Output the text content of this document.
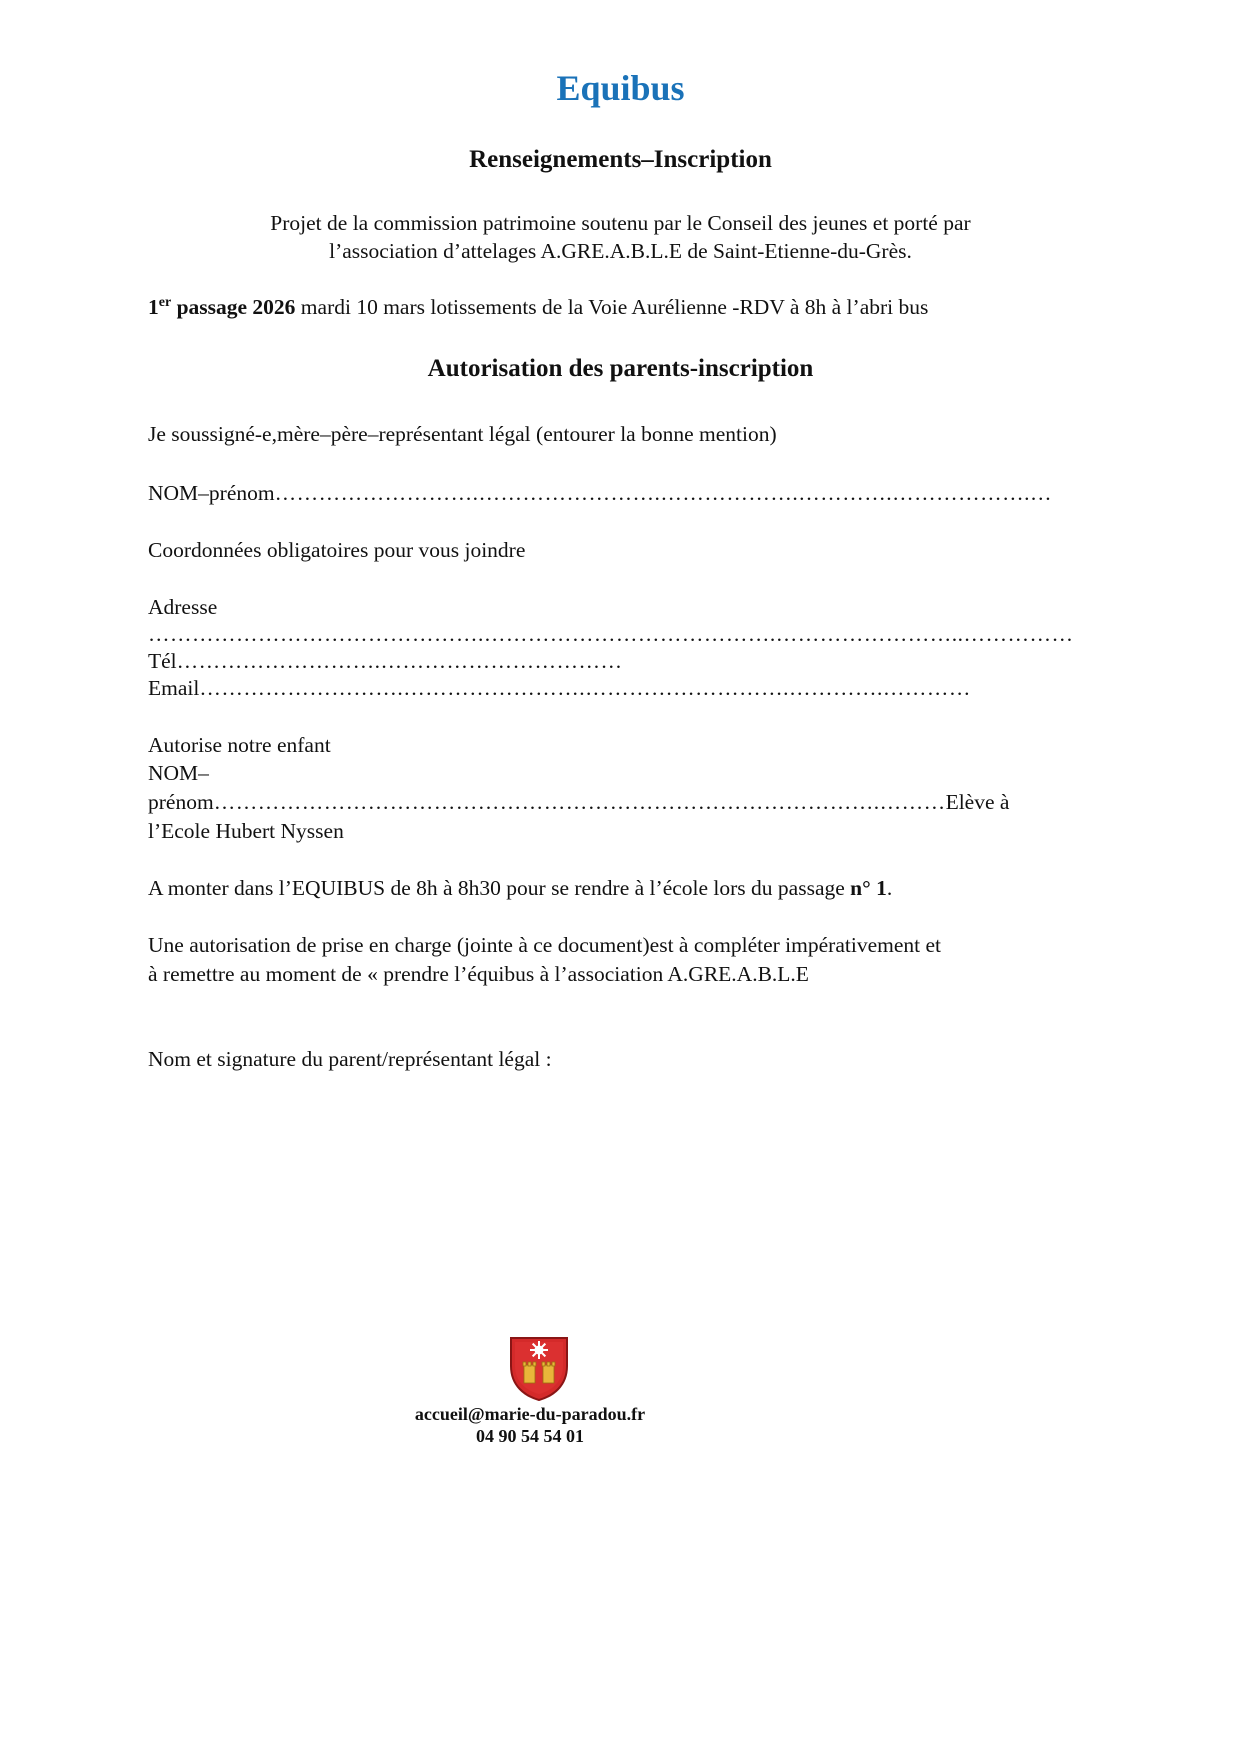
Equibus
Renseignements–Inscription
Projet de la commission patrimoine soutenu par le Conseil des jeunes et porté par
l’association d’attelages A.GRE.A.B.L.E de Saint-Etienne-du-Grès.
1er passage 2026 mardi 10 mars lotissements de la Voie Aurélienne -RDV à 8h à l’abri bus
Autorisation des parents-inscription
Je soussigné-e,mère–père–représentant légal (entourer la bonne mention)
NOM–prénom……………………….…………………….……………….………….……………….…
Coordonnées obligatoires pour vous joindre
Adresse
……………………………………….………………………………….……………………..……………
Tél……………………….……………………………
Email……………………….…………………….……………………….………….…………
Autorise notre enfant
NOM–
prénom……………………………………………………………………………….………Elève à
l’Ecole Hubert Nyssen
A monter dans l’EQUIBUS de 8h à 8h30 pour se rendre à l’école lors du passage n° 1.
Une autorisation de prise en charge (jointe à ce document)est à compléter impérativement et
à remettre au moment de « prendre l’équibus à l’association A.GRE.A.B.L.E
Nom et signature du parent/représentant légal :
accueil@marie-du-paradou.fr
04 90 54 54 01
